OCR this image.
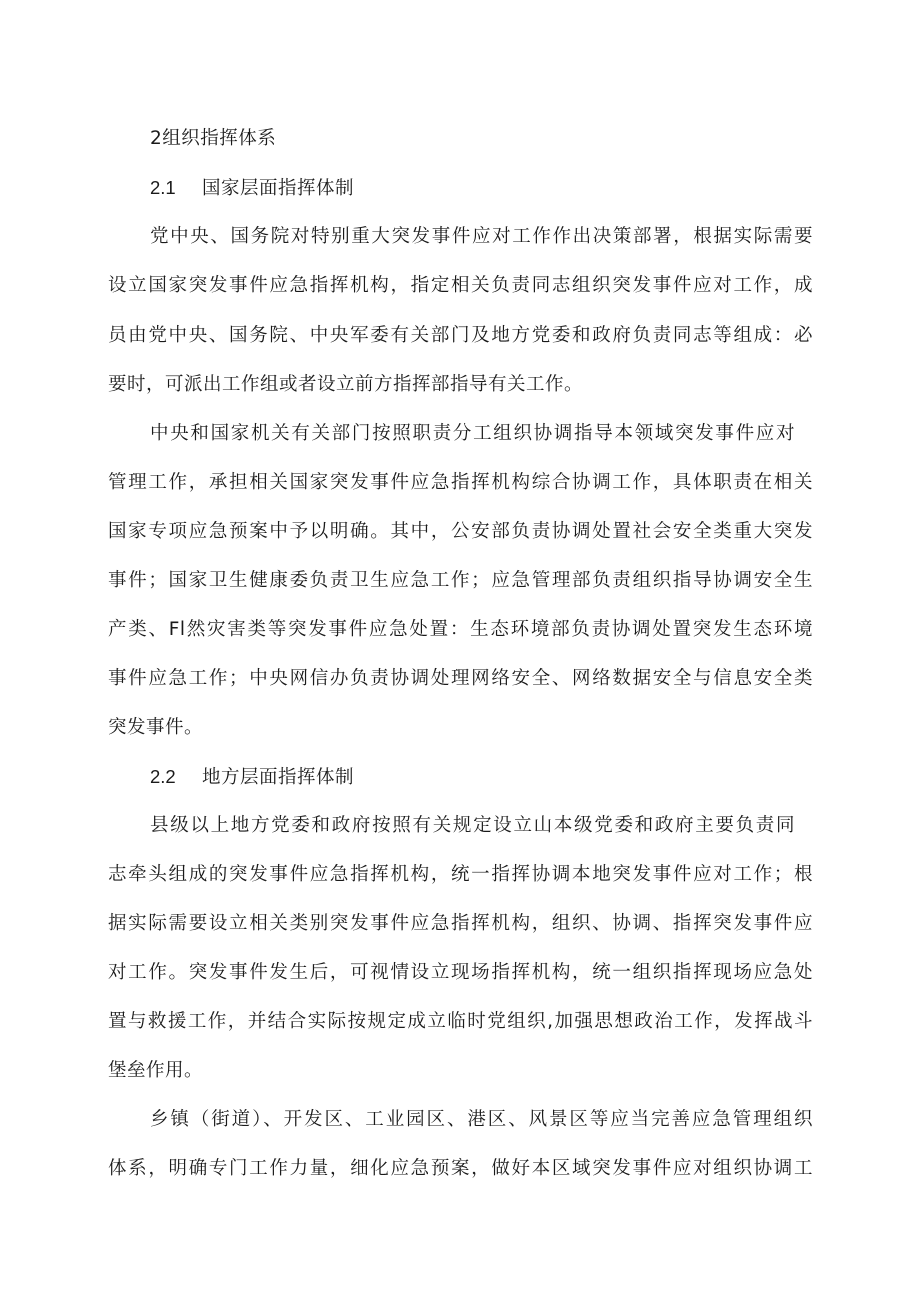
2组织指挥体系
2.1 国家层面指挥体制
党中央、国务院对特别重大突发事件应对工作作出决策部署，根据实际需要
设立国家突发事件应急指挥机构，指定相关负责同志组织突发事件应对工作，成
员由党中央、国务院、中央军委有关部门及地方党委和政府负责同志等组成：必
要时，可派出工作组或者设立前方指挥部指导有关工作。
中央和国家机关有关部门按照职责分工组织协调指导本领域突发事件应对
管理工作，承担相关国家突发事件应急指挥机构综合协调工作，具体职责在相关
国家专项应急预案中予以明确。其中，公安部负责协调处置社会安全类重大突发
事件；国家卫生健康委负责卫生应急工作；应急管理部负责组织指导协调安全生
产类、Fl然灾害类等突发事件应急处置：生态环境部负责协调处置突发生态环境
事件应急工作；中央网信办负责协调处理网络安全、网络数据安全与信息安全类
突发事件。
2.2 地方层面指挥体制
县级以上地方党委和政府按照有关规定设立山本级党委和政府主要负责同
志牵头组成的突发事件应急指挥机构，统一指挥协调本地突发事件应对工作；根
据实际需要设立相关类别突发事件应急指挥机构，组织、协调、指挥突发事件应
对工作。突发事件发生后，可视情设立现场指挥机构，统一组织指挥现场应急处
置与救援工作，并结合实际按规定成立临时党组织,加强思想政治工作，发挥战斗
堡垒作用。
乡镇（街道）、开发区、工业园区、港区、风景区等应当完善应急管理组织
体系，明确专门工作力量，细化应急预案，做好本区域突发事件应对组织协调工
